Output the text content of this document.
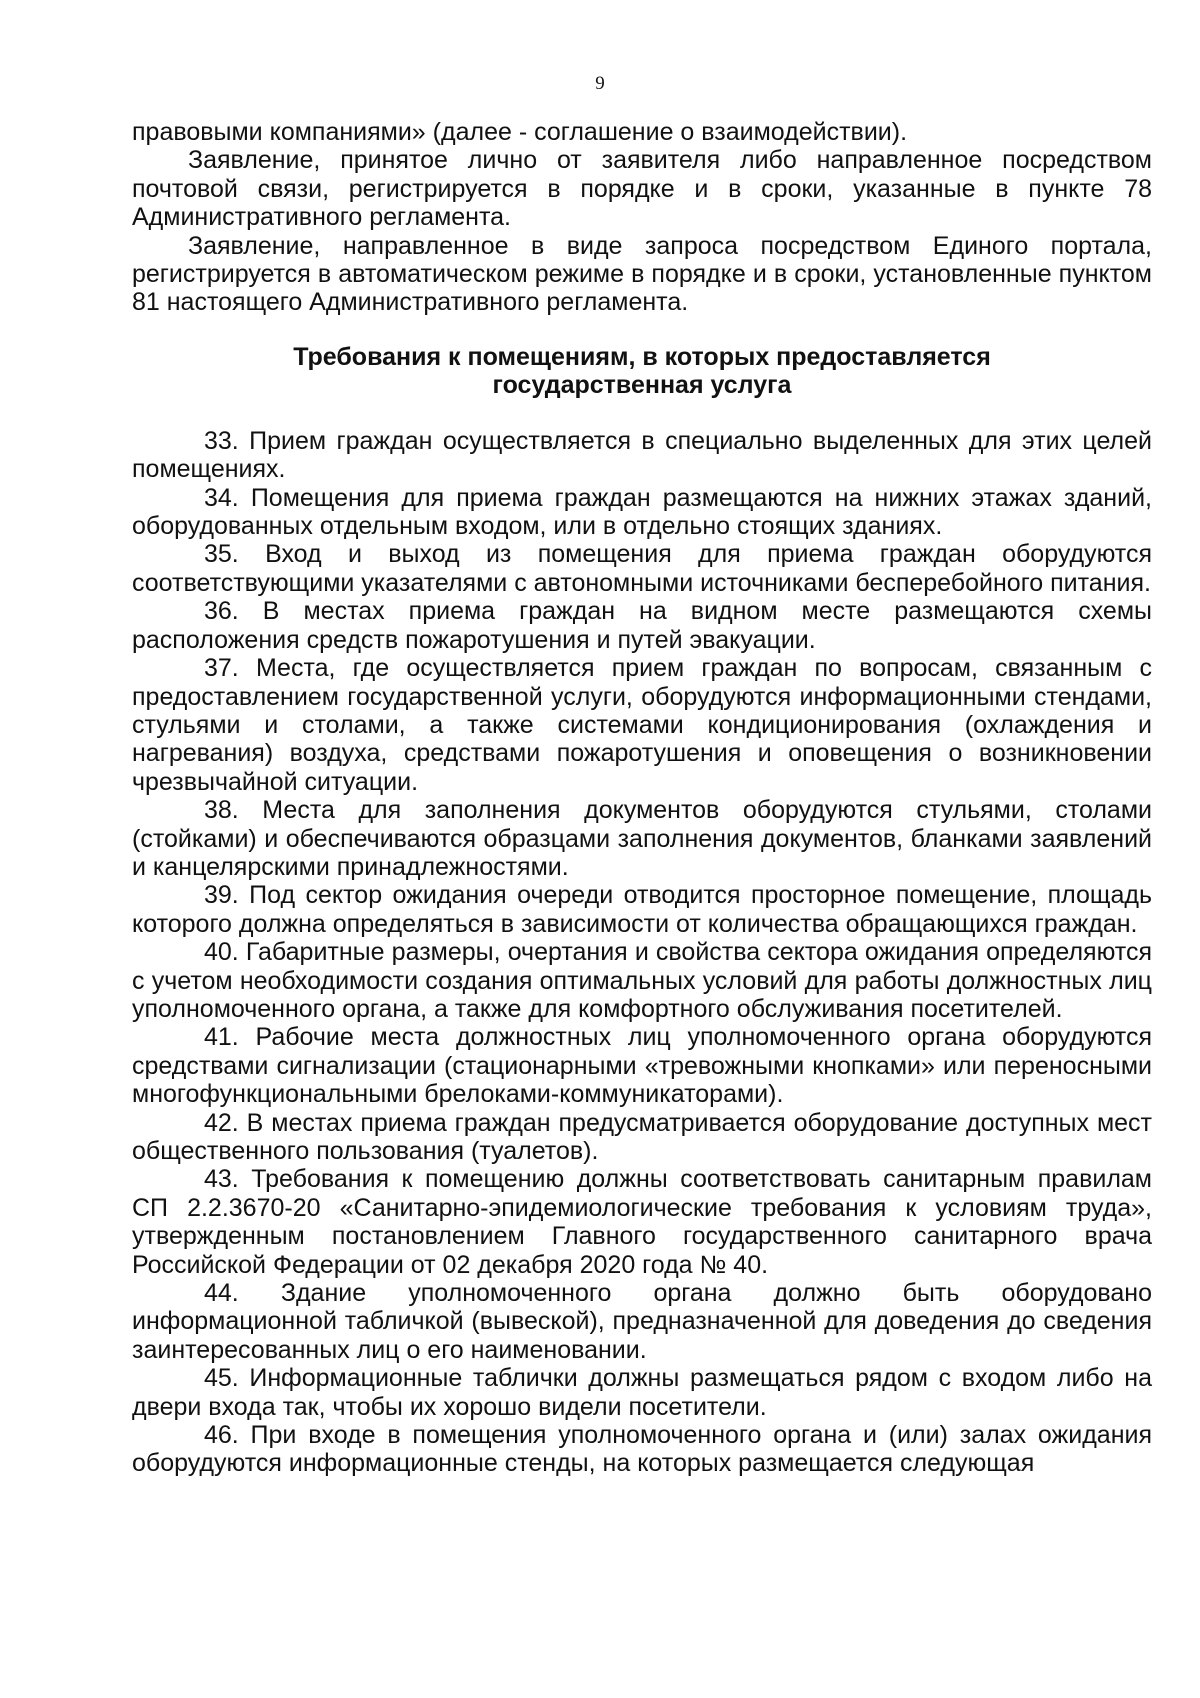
9

правовыми компаниями» (далее - соглашение о взаимодействии).

Заявление, принятое лично от заявителя либо направленное посредством почтовой связи, регистрируется в порядке и в сроки, указанные в пункте 78 Административного регламента.

Заявление, направленное в виде запроса посредством Единого портала, регистрируется в автоматическом режиме в порядке и в сроки, установленные пунктом 81 настоящего Административного регламента.

Требования к помещениям, в которых предоставляется
государственная услуга

33. Прием граждан осуществляется в специально выделенных для этих целей помещениях.

34. Помещения для приема граждан размещаются на нижних этажах зданий, оборудованных отдельным входом, или в отдельно стоящих зданиях.

35. Вход и выход из помещения для приема граждан оборудуются соответствующими указателями с автономными источниками бесперебойного питания.

36. В местах приема граждан на видном месте размещаются схемы расположения средств пожаротушения и путей эвакуации.

37. Места, где осуществляется прием граждан по вопросам, связанным с предоставлением государственной услуги, оборудуются информационными стендами, стульями и столами, а также системами кондиционирования (охлаждения и нагревания) воздуха, средствами пожаротушения и оповещения о возникновении чрезвычайной ситуации.

38. Места для заполнения документов оборудуются стульями, столами (стойками) и обеспечиваются образцами заполнения документов, бланками заявлений и канцелярскими принадлежностями.

39. Под сектор ожидания очереди отводится просторное помещение, площадь которого должна определяться в зависимости от количества обращающихся граждан.

40. Габаритные размеры, очертания и свойства сектора ожидания определяются с учетом необходимости создания оптимальных условий для работы должностных лиц уполномоченного органа, а также для комфортного обслуживания посетителей.

41. Рабочие места должностных лиц уполномоченного органа оборудуются средствами сигнализации (стационарными «тревожными кнопками» или переносными многофункциональными брелоками-коммуникаторами).

42. В местах приема граждан предусматривается оборудование доступных мест общественного пользования (туалетов).

43. Требования к помещению должны соответствовать санитарным правилам СП 2.2.3670-20 «Санитарно-эпидемиологические требования к условиям труда», утвержденным постановлением Главного государственного санитарного врача Российской Федерации от 02 декабря 2020 года № 40.

44. Здание уполномоченного органа должно быть оборудовано информационной табличкой (вывеской), предназначенной для доведения до сведения заинтересованных лиц о его наименовании.

45. Информационные таблички должны размещаться рядом с входом либо на двери входа так, чтобы их хорошо видели посетители.

46. При входе в помещения уполномоченного органа и (или) залах ожидания оборудуются информационные стенды, на которых размещается следующая
